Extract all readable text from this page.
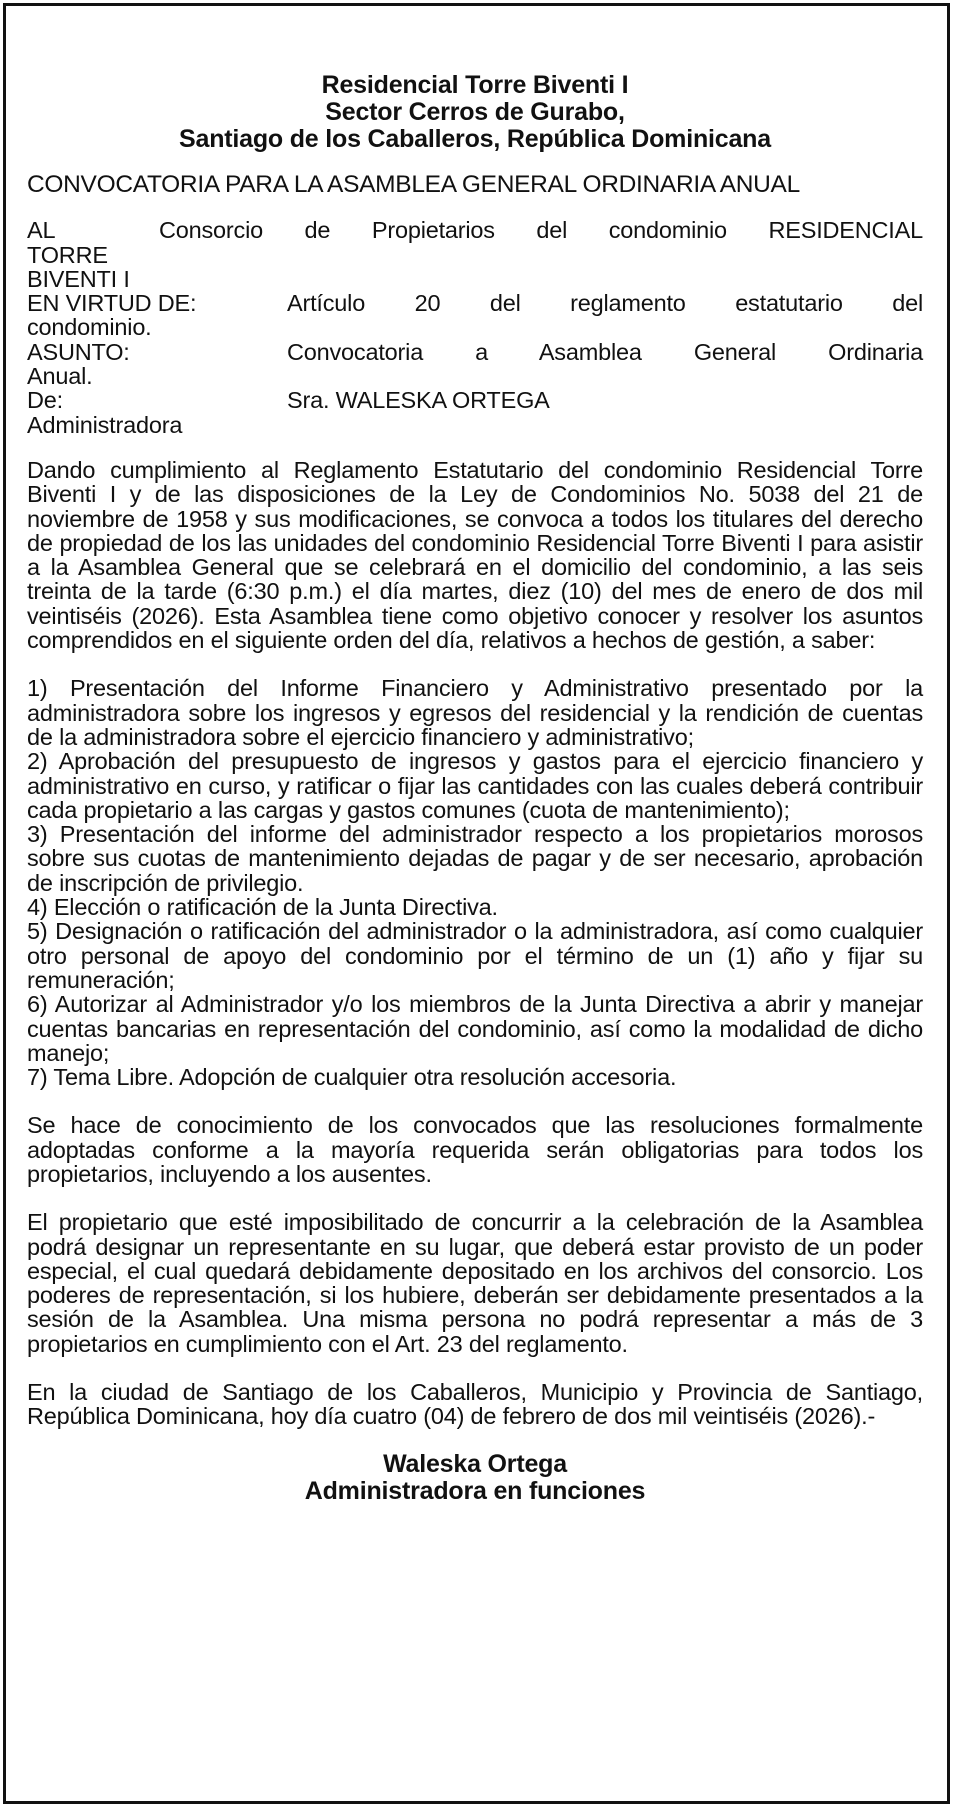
Residencial Torre Biventi I
Sector Cerros de Gurabo,
Santiago de los Caballeros, República Dominicana
CONVOCATORIA PARA LA ASAMBLEA GENERAL ORDINARIA ANUAL
AL	Consorcio de Propietarios del condominio RESIDENCIAL
TORRE
BIVENTI I
EN VIRTUD DE:	Artículo 20 del reglamento estatutario del
condominio.
ASUNTO:	Convocatoria a Asamblea General Ordinaria
Anual.
De:	Sra. WALESKA ORTEGA
Administradora
Dando cumplimiento al Reglamento Estatutario del condominio Residencial Torre Biventi I y de las disposiciones de la Ley de Condominios No. 5038 del 21 de noviembre de 1958 y sus modificaciones, se convoca a todos los titulares del derecho de propiedad de los las unidades del condominio Residencial Torre Biventi I para asistir a la Asamblea General que se celebrará en el domicilio del condominio, a las seis treinta de la tarde (6:30 p.m.) el día martes, diez (10) del mes de enero de dos mil veintiséis (2026). Esta Asamblea tiene como objetivo conocer y resolver los asuntos comprendidos en el siguiente orden del día, relativos a hechos de gestión, a saber:
1) Presentación del Informe Financiero y Administrativo presentado por la administradora sobre los ingresos y egresos del residencial y la rendición de cuentas de la administradora sobre el ejercicio financiero y administrativo;
2) Aprobación del presupuesto de ingresos y gastos para el ejercicio financiero y administrativo en curso, y ratificar o fijar las cantidades con las cuales deberá contribuir cada propietario a las cargas y gastos comunes (cuota de mantenimiento);
3) Presentación del informe del administrador respecto a los propietarios morosos sobre sus cuotas de mantenimiento dejadas de pagar y de ser necesario, aprobación de inscripción de privilegio.
4) Elección o ratificación de la Junta Directiva.
5) Designación o ratificación del administrador o la administradora, así como cualquier otro personal de apoyo del condominio por el término de un (1) año y fijar su remuneración;
6) Autorizar al Administrador y/o los miembros de la Junta Directiva a abrir y manejar cuentas bancarias en representación del condominio, así como la modalidad de dicho manejo;
7) Tema Libre. Adopción de cualquier otra resolución accesoria.
Se hace de conocimiento de los convocados que las resoluciones formalmente adoptadas conforme a la mayoría requerida serán obligatorias para todos los propietarios, incluyendo a los ausentes.
El propietario que esté imposibilitado de concurrir a la celebración de la Asamblea podrá designar un representante en su lugar, que deberá estar provisto de un poder especial, el cual quedará debidamente depositado en los archivos del consorcio. Los poderes de representación, si los hubiere, deberán ser debidamente presentados a la sesión de la Asamblea. Una misma persona no podrá representar a más de 3 propietarios en cumplimiento con el Art. 23 del reglamento.
En la ciudad de Santiago de los Caballeros, Municipio y Provincia de Santiago, República Dominicana, hoy día cuatro (04) de febrero de dos mil veintiséis (2026).-
Waleska Ortega
Administradora en funciones
